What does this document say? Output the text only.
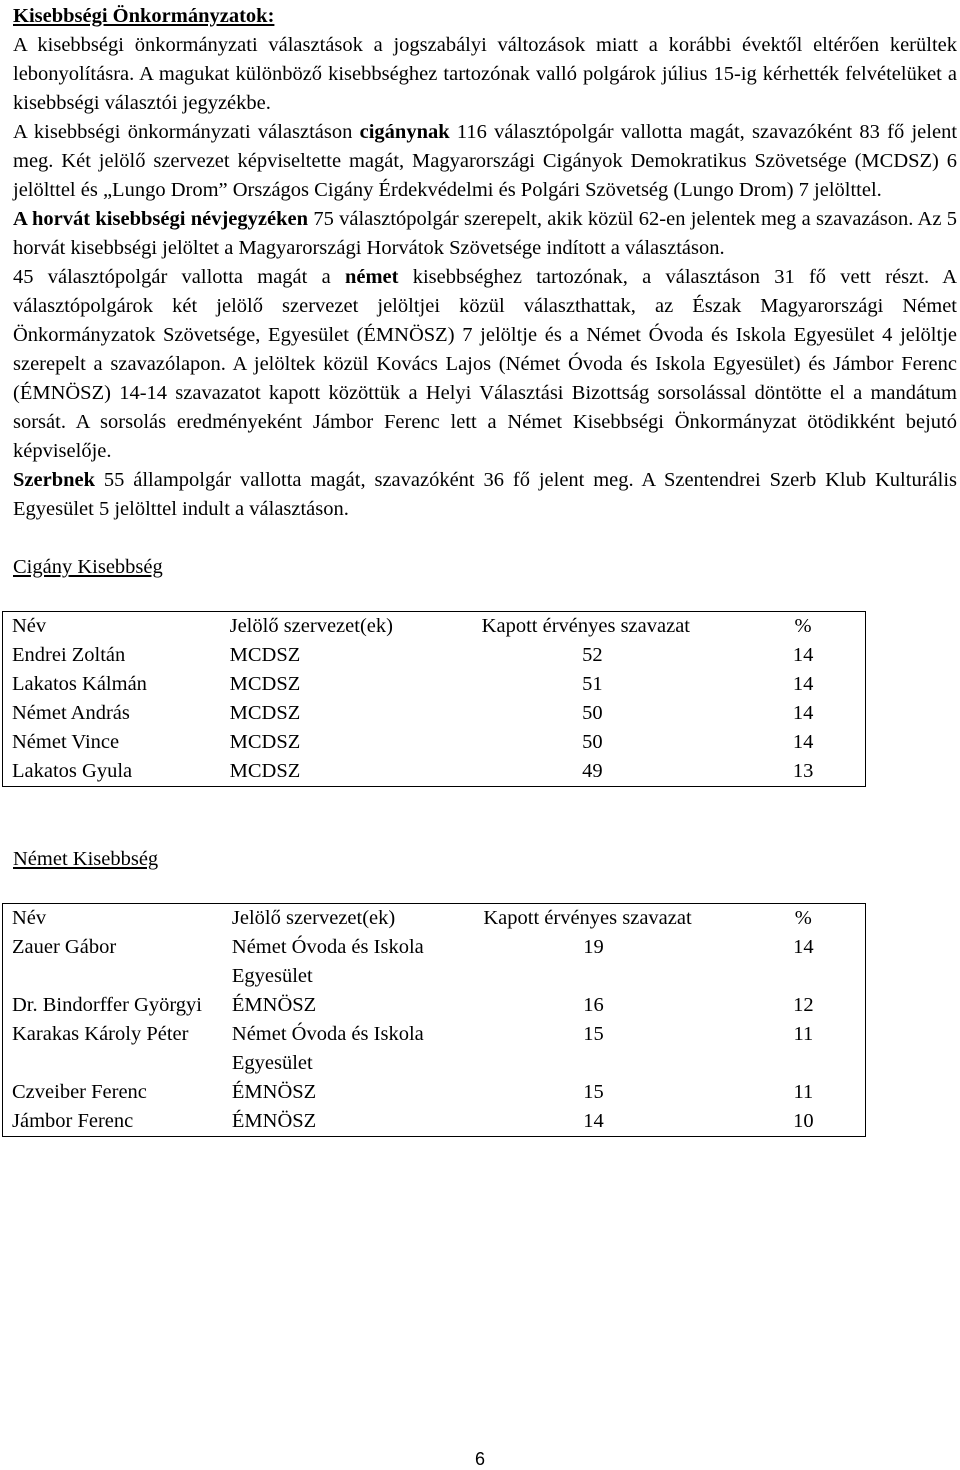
Kisebbségi Önkormányzatok:

A kisebbségi önkormányzati választások a jogszabályi változások miatt a korábbi évektől eltérően kerültek lebonyolításra. A magukat különböző kisebbséghez tartozónak valló polgárok július 15-ig kérhették felvételüket a kisebbségi választói jegyzékbe.

A kisebbségi önkormányzati választáson cigánynak 116 választópolgár vallotta magát, szavazóként 83 fő jelent meg. Két jelölő szervezet képviseltette magát, Magyarországi Cigányok Demokratikus Szövetsége (MCDSZ) 6 jelölttel és „Lungo Drom” Országos Cigány Érdekvédelmi és Polgári Szövetség (Lungo Drom) 7 jelölttel.

A horvát kisebbségi névjegyzéken 75 választópolgár szerepelt, akik közül 62-en jelentek meg a szavazáson. Az 5 horvát kisebbségi jelöltet a Magyarországi Horvátok Szövetsége indított a választáson.

45 választópolgár vallotta magát a német kisebbséghez tartozónak, a választáson 31 fő vett részt. A választópolgárok két jelölő szervezet jelöltjei közül választhattak, az Észak Magyarországi Német Önkormányzatok Szövetsége, Egyesület (ÉMNÖSZ) 7 jelöltje és a Német Óvoda és Iskola Egyesület 4 jelöltje szerepelt a szavazólapon. A jelöltek közül Kovács Lajos (Német Óvoda és Iskola Egyesület) és Jámbor Ferenc (ÉMNÖSZ) 14-14 szavazatot kapott közöttük a Helyi Választási Bizottság sorsolással döntötte el a mandátum sorsát. A sorsolás eredményeként Jámbor Ferenc lett a Német Kisebbségi Önkormányzat ötödikként bejutó képviselője.

Szerbnek 55 állampolgár vallotta magát, szavazóként 36 fő jelent meg. A Szentendrei Szerb Klub Kulturális Egyesület 5 jelölttel indult a választáson.

Cigány Kisebbség

Név	Jelölő szervezet(ek)	Kapott érvényes szavazat	%
Endrei Zoltán	MCDSZ	52	14
Lakatos Kálmán	MCDSZ	51	14
Német András	MCDSZ	50	14
Német Vince	MCDSZ	50	14
Lakatos Gyula	MCDSZ	49	13

Német Kisebbség

Név	Jelölő szervezet(ek)	Kapott érvényes szavazat	%
Zauer Gábor	Német Óvoda és Iskola Egyesület	19	14
Dr. Bindorffer Györgyi	ÉMNÖSZ	16	12
Karakas Károly Péter	Német Óvoda és Iskola Egyesület	15	11
Czveiber Ferenc	ÉMNÖSZ	15	11
Jámbor Ferenc	ÉMNÖSZ	14	10
6
